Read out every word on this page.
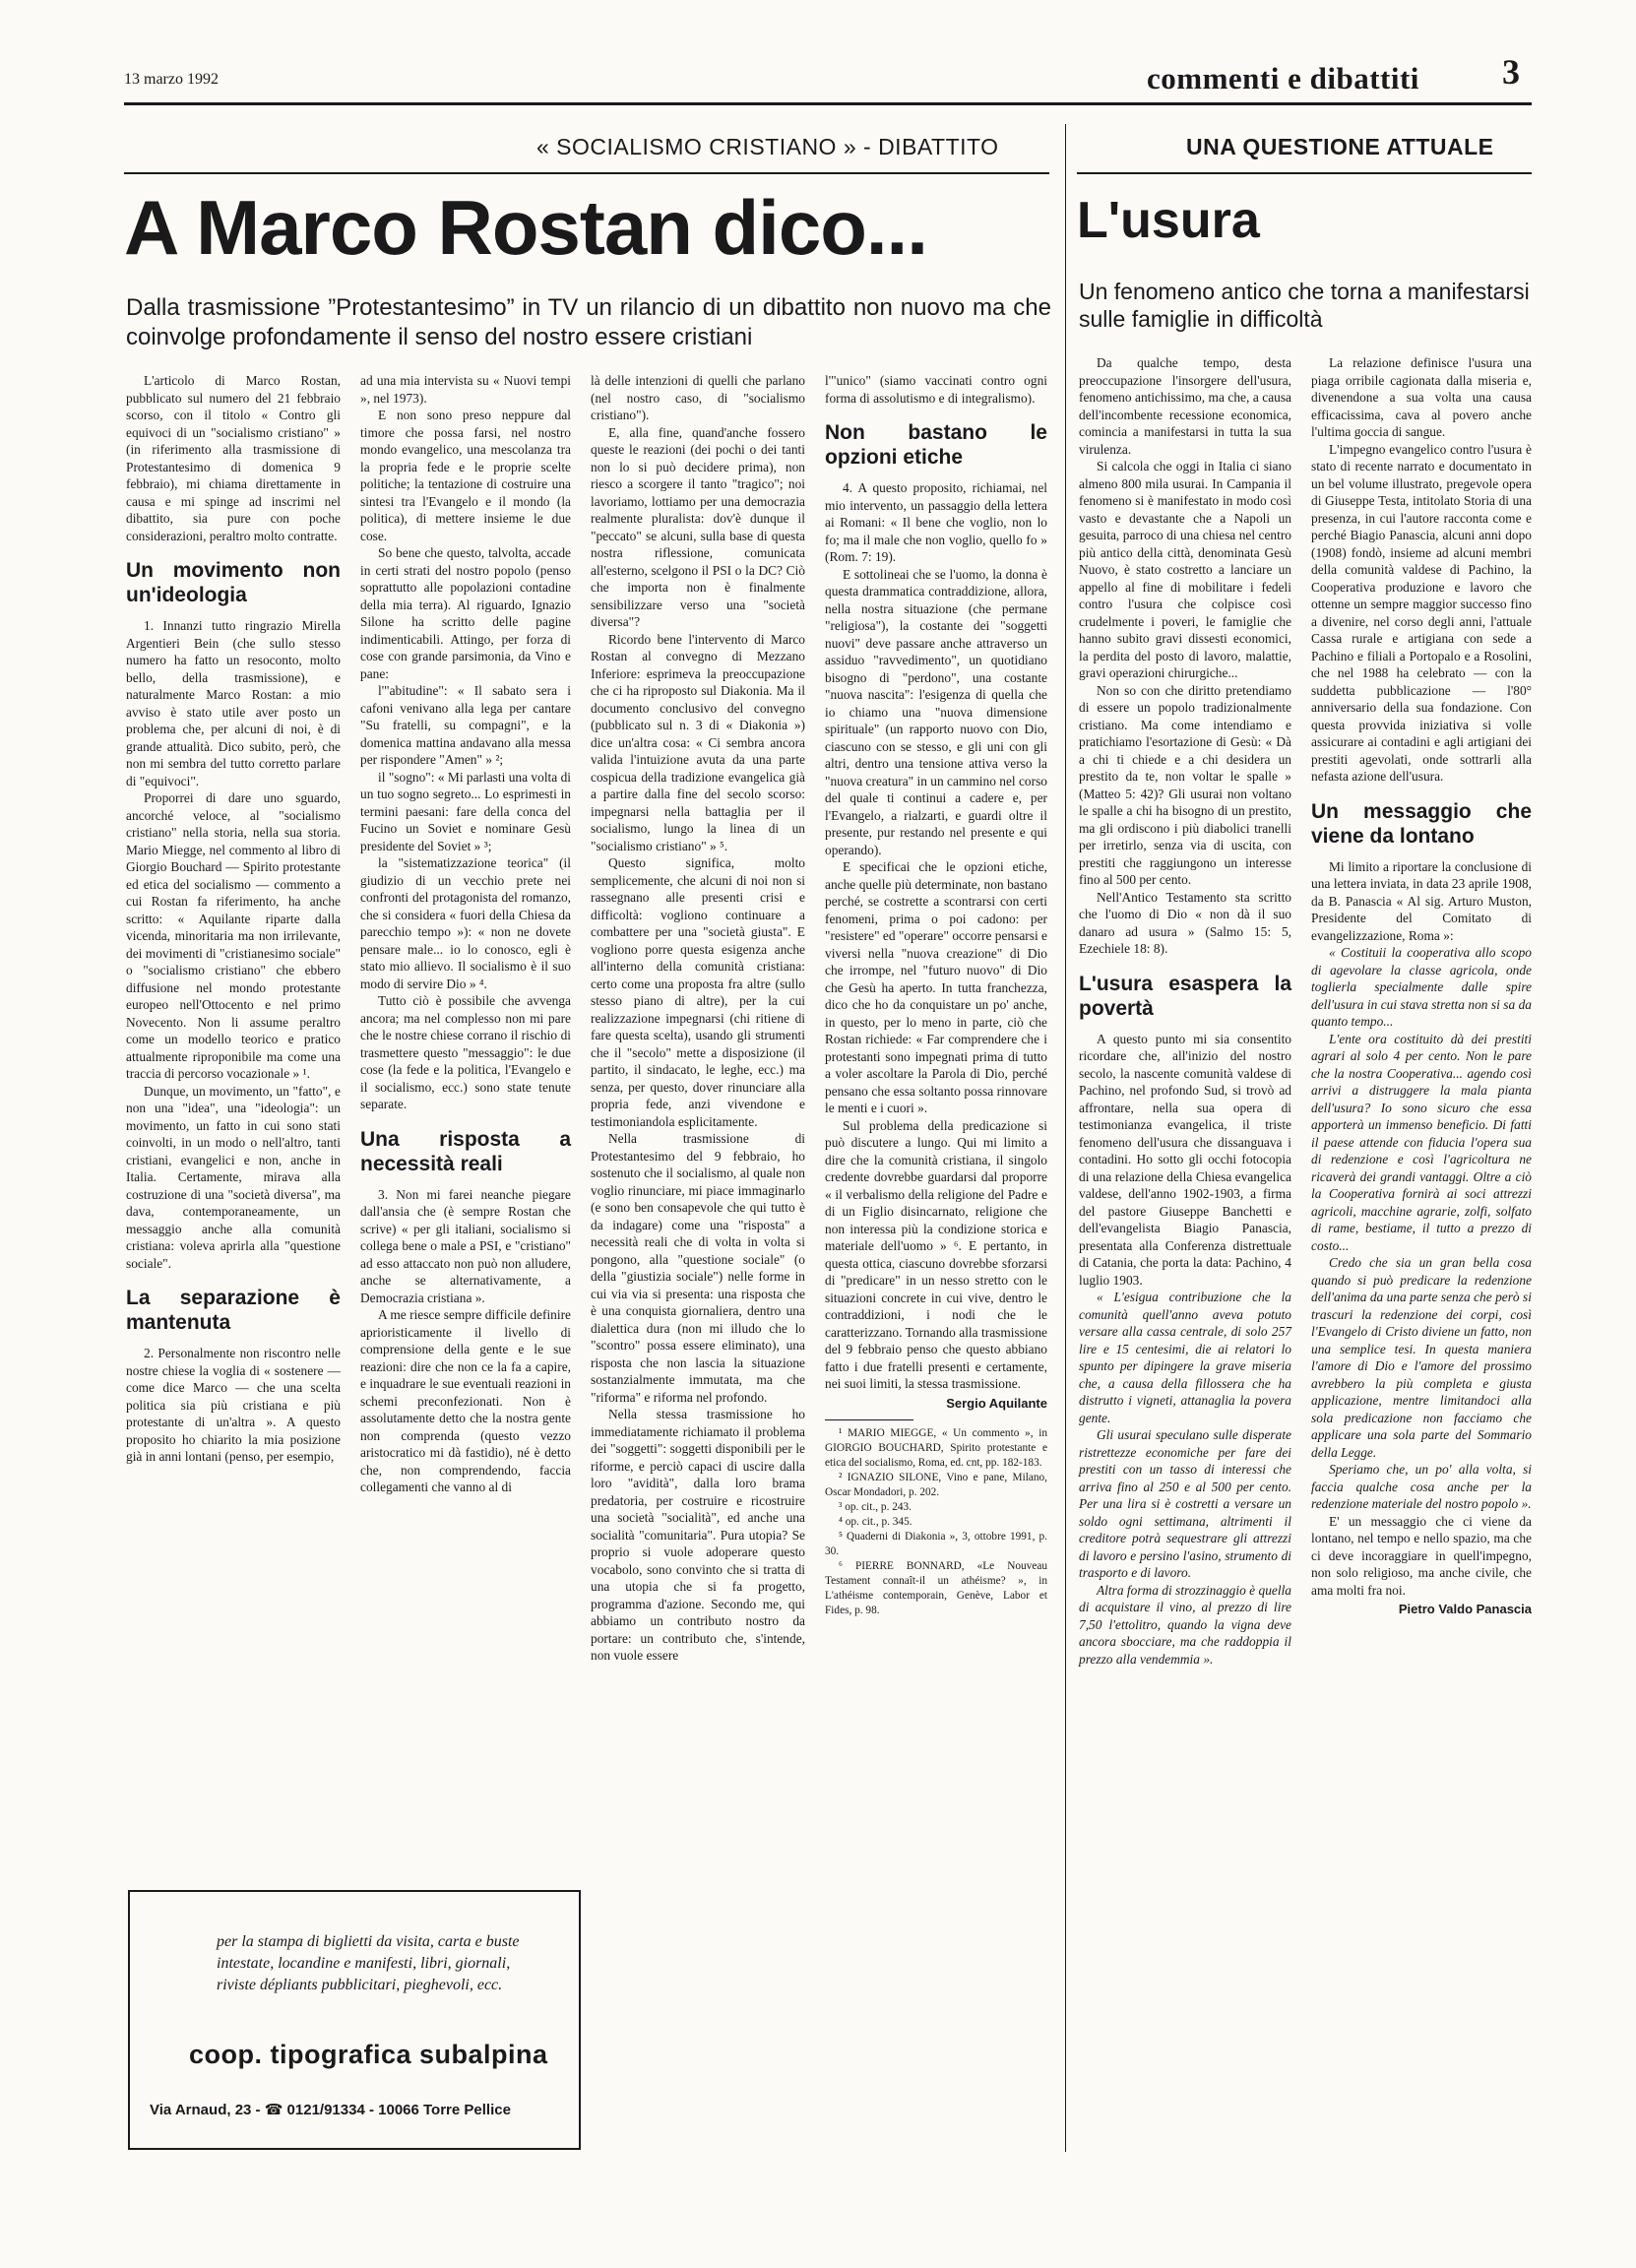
13 marzo 1992	commenti e dibattiti 3
« SOCIALISMO CRISTIANO » - DIBATTITO
A Marco Rostan dico...
Dalla trasmissione ”Protestantesimo” in TV un rilancio di un dibattito non nuovo ma che coinvolge profondamente il senso del nostro essere cristiani

L'articolo di Marco Rostan, pubblicato sul numero del 21 febbraio scorso, con il titolo « Contro gli equivoci di un "socialismo cristiano" » (in riferimento alla trasmissione di Protestantesimo di domenica 9 febbraio), mi chiama direttamente in causa e mi spinge ad inscrimi nel dibattito, sia pure con poche considerazioni, peraltro molto contratte.

Un movimento non un'ideologia

1. Innanzi tutto ringrazio Mirella Argentieri Bein (che sullo stesso numero ha fatto un resoconto, molto bello, della trasmissione), e naturalmente Marco Rostan: a mio avviso è stato utile aver posto un problema che, per alcuni di noi, è di grande attualità. Dico subito, però, che non mi sembra del tutto corretto parlare di "equivoci".

Proporrei di dare uno sguardo, ancorché veloce, al "socialismo cristiano" nella storia, nella sua storia. Mario Miegge, nel commento al libro di Giorgio Bouchard — Spirito protestante ed etica del socialismo — commento a cui Rostan fa riferimento, ha anche scritto: « Aquilante riparte dalla vicenda, minoritaria ma non irrilevante, dei movimenti di "cristianesimo sociale" o "socialismo cristiano" che ebbero diffusione nel mondo protestante europeo nell'Ottocento e nel primo Novecento. Non li assume peraltro come un modello teorico e pratico attualmente riproponibile ma come una traccia di percorso vocazionale » ¹.

Dunque, un movimento, un "fatto", e non una "idea", una "ideologia": un movimento, un fatto in cui sono stati coinvolti, in un modo o nell'altro, tanti cristiani, evangelici e non, anche in Italia. Certamente, mirava alla costruzione di una "società diversa", ma dava, contemporaneamente, un messaggio anche alla comunità cristiana: voleva aprirla alla "questione sociale".

La separazione è mantenuta

2. Personalmente non riscontro nelle nostre chiese la voglia di « sostenere — come dice Marco — che una scelta politica sia più cristiana e più protestante di un'altra ». A questo proposito ho chiarito la mia posizione già in anni lontani (penso, per esempio,

ad una mia intervista su « Nuovi tempi », nel 1973).

E non sono preso neppure dal timore che possa farsi, nel nostro mondo evangelico, una mescolanza tra la propria fede e le proprie scelte politiche; la tentazione di costruire una sintesi tra l'Evangelo e il mondo (la politica), di mettere insieme le due cose.

So bene che questo, talvolta, accade in certi strati del nostro popolo (penso soprattutto alle popolazioni contadine della mia terra). Al riguardo, Ignazio Silone ha scritto delle pagine indimenticabili. Attingo, per forza di cose con grande parsimonia, da Vino e pane:

l'"abitudine": « Il sabato sera i cafoni venivano alla lega per cantare "Su fratelli, su compagni", e la domenica mattina andavano alla messa per rispondere "Amen" » ²;

il "sogno": « Mi parlasti una volta di un tuo sogno segreto... Lo esprimesti in termini paesani: fare della conca del Fucino un Soviet e nominare Gesù presidente del Soviet » ³;

la "sistematizzazione teorica" (il giudizio di un vecchio prete nei confronti del protagonista del romanzo, che si considera « fuori della Chiesa da parecchio tempo »): « non ne dovete pensare male... io lo conosco, egli è stato mio allievo. Il socialismo è il suo modo di servire Dio » ⁴.

Tutto ciò è possibile che avvenga ancora; ma nel complesso non mi pare che le nostre chiese corrano il rischio di trasmettere questo "messaggio": le due cose (la fede e la politica, l'Evangelo e il socialismo, ecc.) sono state tenute separate.

Una risposta a necessità reali

3. Non mi farei neanche piegare dall'ansia che (è sempre Rostan che scrive) « per gli italiani, socialismo si collega bene o male a PSI, e "cristiano" ad esso attaccato non può non alludere, anche se alternativamente, a Democrazia cristiana ».

A me riesce sempre difficile definire aprioristicamente il livello di comprensione della gente e le sue reazioni: dire che non ce la fa a capire, e inquadrare le sue eventuali reazioni in schemi preconfezionati. Non è assolutamente detto che la nostra gente non comprenda (questo vezzo aristocratico mi dà fastidio), né è detto che, non comprendendo, faccia collegamenti che vanno al di

là delle intenzioni di quelli che parlano (nel nostro caso, di "socialismo cristiano").

E, alla fine, quand'anche fossero queste le reazioni (dei pochi o dei tanti non lo si può decidere prima), non riesco a scorgere il tanto "tragico"; noi lavoriamo, lottiamo per una democrazia realmente pluralista: dov'è dunque il "peccato" se alcuni, sulla base di questa nostra riflessione, comunicata all'esterno, scelgono il PSI o la DC? Ciò che importa non è finalmente sensibilizzare verso una "società diversa"?

Ricordo bene l'intervento di Marco Rostan al convegno di Mezzano Inferiore: esprimeva la preoccupazione che ci ha riproposto sul Diakonia. Ma il documento conclusivo del convegno (pubblicato sul n. 3 di « Diakonia ») dice un'altra cosa: « Ci sembra ancora valida l'intuizione avuta da una parte cospicua della tradizione evangelica già a partire dalla fine del secolo scorso: impegnarsi nella battaglia per il socialismo, lungo la linea di un "socialismo cristiano" » ⁵.

Questo significa, molto semplicemente, che alcuni di noi non si rassegnano alle presenti crisi e difficoltà: vogliono continuare a combattere per una "società giusta". E vogliono porre questa esigenza anche all'interno della comunità cristiana: certo come una proposta fra altre (sullo stesso piano di altre), per la cui realizzazione impegnarsi (chi ritiene di fare questa scelta), usando gli strumenti che il "secolo" mette a disposizione (il partito, il sindacato, le leghe, ecc.) ma senza, per questo, dover rinunciare alla propria fede, anzi vivendone e testimoniandola esplicitamente.

Nella trasmissione di Protestantesimo del 9 febbraio, ho sostenuto che il socialismo, al quale non voglio rinunciare, mi piace immaginarlo (e sono ben consapevole che qui tutto è da indagare) come una "risposta" a necessità reali che di volta in volta si pongono, alla "questione sociale" (o della "giustizia sociale") nelle forme in cui via via si presenta: una risposta che è una conquista giornaliera, dentro una dialettica dura (non mi illudo che lo "scontro" possa essere eliminato), una risposta che non lascia la situazione sostanzialmente immutata, ma che "riforma" e riforma nel profondo.

Nella stessa trasmissione ho immediatamente richiamato il problema dei "soggetti": soggetti disponibili per le riforme, e perciò capaci di uscire dalla loro "avidità", dalla loro brama predatoria, per costruire e ricostruire una società "socialità", ed anche una socialità "comunitaria". Pura utopia? Se proprio si vuole adoperare questo vocabolo, sono convinto che si tratta di una utopia che si fa progetto, programma d'azione. Secondo me, qui abbiamo un contributo nostro da portare: un contributo che, s'intende, non vuole essere

l'"unico" (siamo vaccinati contro ogni forma di assolutismo e di integralismo).

Non bastano le opzioni etiche

4. A questo proposito, richiamai, nel mio intervento, un passaggio della lettera ai Romani: « Il bene che voglio, non lo fo; ma il male che non voglio, quello fo » (Rom. 7: 19).

E sottolineai che se l'uomo, la donna è questa drammatica contraddizione, allora, nella nostra situazione (che permane "religiosa"), la costante dei "soggetti nuovi" deve passare anche attraverso un assiduo "ravvedimento", un quotidiano bisogno di "perdono", una costante "nuova nascita": l'esigenza di quella che io chiamo una "nuova dimensione spirituale" (un rapporto nuovo con Dio, ciascuno con se stesso, e gli uni con gli altri, dentro una tensione attiva verso la "nuova creatura" in un cammino nel corso del quale ti continui a cadere e, per l'Evangelo, a rialzarti, e guardi oltre il presente, pur restando nel presente e qui operando).

E specificai che le opzioni etiche, anche quelle più determinate, non bastano perché, se costrette a scontrarsi con certi fenomeni, prima o poi cadono: per "resistere" ed "operare" occorre pensarsi e viversi nella "nuova creazione" di Dio che irrompe, nel "futuro nuovo" di Dio che Gesù ha aperto. In tutta franchezza, dico che ho da conquistare un po' anche, in questo, per lo meno in parte, ciò che Rostan richiede: « Far comprendere che i protestanti sono impegnati prima di tutto a voler ascoltare la Parola di Dio, perché pensano che essa soltanto possa rinnovare le menti e i cuori ».

Sul problema della predicazione si può discutere a lungo. Qui mi limito a dire che la comunità cristiana, il singolo credente dovrebbe guardarsi dal proporre « il verbalismo della religione del Padre e di un Figlio disincarnato, religione che non interessa più la condizione storica e materiale dell'uomo » ⁶. E pertanto, in questa ottica, ciascuno dovrebbe sforzarsi di "predicare" in un nesso stretto con le situazioni concrete in cui vive, dentro le contraddizioni, i nodi che le caratterizzano. Tornando alla trasmissione del 9 febbraio penso che questo abbiano fatto i due fratelli presenti e certamente, nei suoi limiti, la stessa trasmissione.

Sergio Aquilante
¹ MARIO MIEGGE, « Un commento », in GIORGIO BOUCHARD, Spirito protestante e etica del socialismo, Roma, ed. cnt, pp. 182-183.
² IGNAZIO SILONE, Vino e pane, Milano, Oscar Mondadori, p. 202.
³ op. cit., p. 243.
⁴ op. cit., p. 345.
⁵ Quaderni di Diakonia », 3, ottobre 1991, p. 30.
⁶ PIERRE BONNARD, «Le Nouveau Testament connaît-il un athéisme? », in L'athéisme contemporain, Genève, Labor et Fides, p. 98.
UNA QUESTIONE ATTUALE
L'usura
Un fenomeno antico che torna a manifestarsi sulle famiglie in difficoltà

Da qualche tempo, desta preoccupazione l'insorgere dell'usura, fenomeno antichissimo, ma che, a causa dell'incombente recessione economica, comincia a manifestarsi in tutta la sua virulenza.

Si calcola che oggi in Italia ci siano almeno 800 mila usurai. In Campania il fenomeno si è manifestato in modo così vasto e devastante che a Napoli un gesuita, parroco di una chiesa nel centro più antico della città, denominata Gesù Nuovo, è stato costretto a lanciare un appello al fine di mobilitare i fedeli contro l'usura che colpisce così crudelmente i poveri, le famiglie che hanno subito gravi dissesti economici, la perdita del posto di lavoro, malattie, gravi operazioni chirurgiche...

Non so con che diritto pretendiamo di essere un popolo tradizionalmente cristiano. Ma come intendiamo e pratichiamo l'esortazione di Gesù: « Dà a chi ti chiede e a chi desidera un prestito da te, non voltar le spalle » (Matteo 5: 42)? Gli usurai non voltano le spalle a chi ha bisogno di un prestito, ma gli ordiscono i più diabolici tranelli per irretirlo, senza via di uscita, con prestiti che raggiungono un interesse fino al 500 per cento.

Nell'Antico Testamento sta scritto che l'uomo di Dio « non dà il suo danaro ad usura » (Salmo 15: 5, Ezechiele 18: 8).

L'usura esaspera la povertà

A questo punto mi sia consentito ricordare che, all'inizio del nostro secolo, la nascente comunità valdese di Pachino, nel profondo Sud, si trovò ad affrontare, nella sua opera di testimonianza evangelica, il triste fenomeno dell'usura che dissanguava i contadini. Ho sotto gli occhi fotocopia di una relazione della Chiesa evangelica valdese, dell'anno 1902-1903, a firma del pastore Giuseppe Banchetti e dell'evangelista Biagio Panascia, presentata alla Conferenza distrettuale di Catania, che porta la data: Pachino, 4 luglio 1903.

« L'esigua contribuzione che la comunità quell'anno aveva potuto versare alla cassa centrale, di solo 257 lire e 15 centesimi, die ai relatori lo spunto per dipingere la grave miseria che, a causa della fillossera che ha distrutto i vigneti, attanaglia la povera gente.

Gli usurai speculano sulle disperate ristrettezze economiche per fare dei prestiti con un tasso di interessi che arriva fino al 250 e al 500 per cento. Per una lira si è costretti a versare un soldo ogni settimana, altrimenti il creditore potrà sequestrare gli attrezzi di lavoro e persino l'asino, strumento di trasporto e di lavoro.

Altra forma di strozzinaggio è quella di acquistare il vino, al prezzo di lire 7,50 l'ettolitro, quando la vigna deve ancora sbocciare, ma che raddoppia il prezzo alla vendemmia ».

La relazione definisce l'usura una piaga orribile cagionata dalla miseria e, divenendone a sua volta una causa efficacissima, cava al povero anche l'ultima goccia di sangue.

L'impegno evangelico contro l'usura è stato di recente narrato e documentato in un bel volume illustrato, pregevole opera di Giuseppe Testa, intitolato Storia di una presenza, in cui l'autore racconta come e perché Biagio Panascia, alcuni anni dopo (1908) fondò, insieme ad alcuni membri della comunità valdese di Pachino, la Cooperativa produzione e lavoro che ottenne un sempre maggior successo fino a divenire, nel corso degli anni, l'attuale Cassa rurale e artigiana con sede a Pachino e filiali a Portopalo e a Rosolini, che nel 1988 ha celebrato — con la suddetta pubblicazione — l'80° anniversario della sua fondazione. Con questa provvida iniziativa si volle assicurare ai contadini e agli artigiani dei prestiti agevolati, onde sottrarli alla nefasta azione dell'usura.

Un messaggio che viene da lontano

Mi limito a riportare la conclusione di una lettera inviata, in data 23 aprile 1908, da B. Panascia « Al sig. Arturo Muston, Presidente del Comitato di evangelizzazione, Roma »:

« Costituii la cooperativa allo scopo di agevolare la classe agricola, onde toglierla specialmente dalle spire dell'usura in cui stava stretta non si sa da quanto tempo...

L'ente ora costituito dà dei prestiti agrari al solo 4 per cento. Non le pare che la nostra Cooperativa... agendo così arrivi a distruggere la mala pianta dell'usura? Io sono sicuro che essa apporterà un immenso beneficio. Di fatti il paese attende con fiducia l'opera sua di redenzione e così l'agricoltura ne ricaverà dei grandi vantaggi. Oltre a ciò la Cooperativa fornirà ai soci attrezzi agricoli, macchine agrarie, zolfi, solfato di rame, bestiame, il tutto a prezzo di costo...

Credo che sia un gran bella cosa quando si può predicare la redenzione dell'anima da una parte senza che però si trascuri la redenzione dei corpi, così l'Evangelo di Cristo diviene un fatto, non una semplice tesi. In questa maniera l'amore di Dio e l'amore del prossimo avrebbero la più completa e giusta applicazione, mentre limitandoci alla sola predicazione non facciamo che applicare una sola parte del Sommario della Legge.

Speriamo che, un po' alla volta, si faccia qualche cosa anche per la redenzione materiale del nostro popolo ».

E' un messaggio che ci viene da lontano, nel tempo e nello spazio, ma che ci deve incoraggiare in quell'impegno, non solo religioso, ma anche civile, che ama molti fra noi.

Pietro Valdo Panascia
per la stampa di biglietti da visita, carta e buste intestate, locandine e manifesti, libri, giornali, riviste dépliants pubblicitari, pieghevoli, ecc.
coop. tipografica subalpina
Via Arnaud, 23 - ☎ 0121/91334 - 10066 Torre Pellice
